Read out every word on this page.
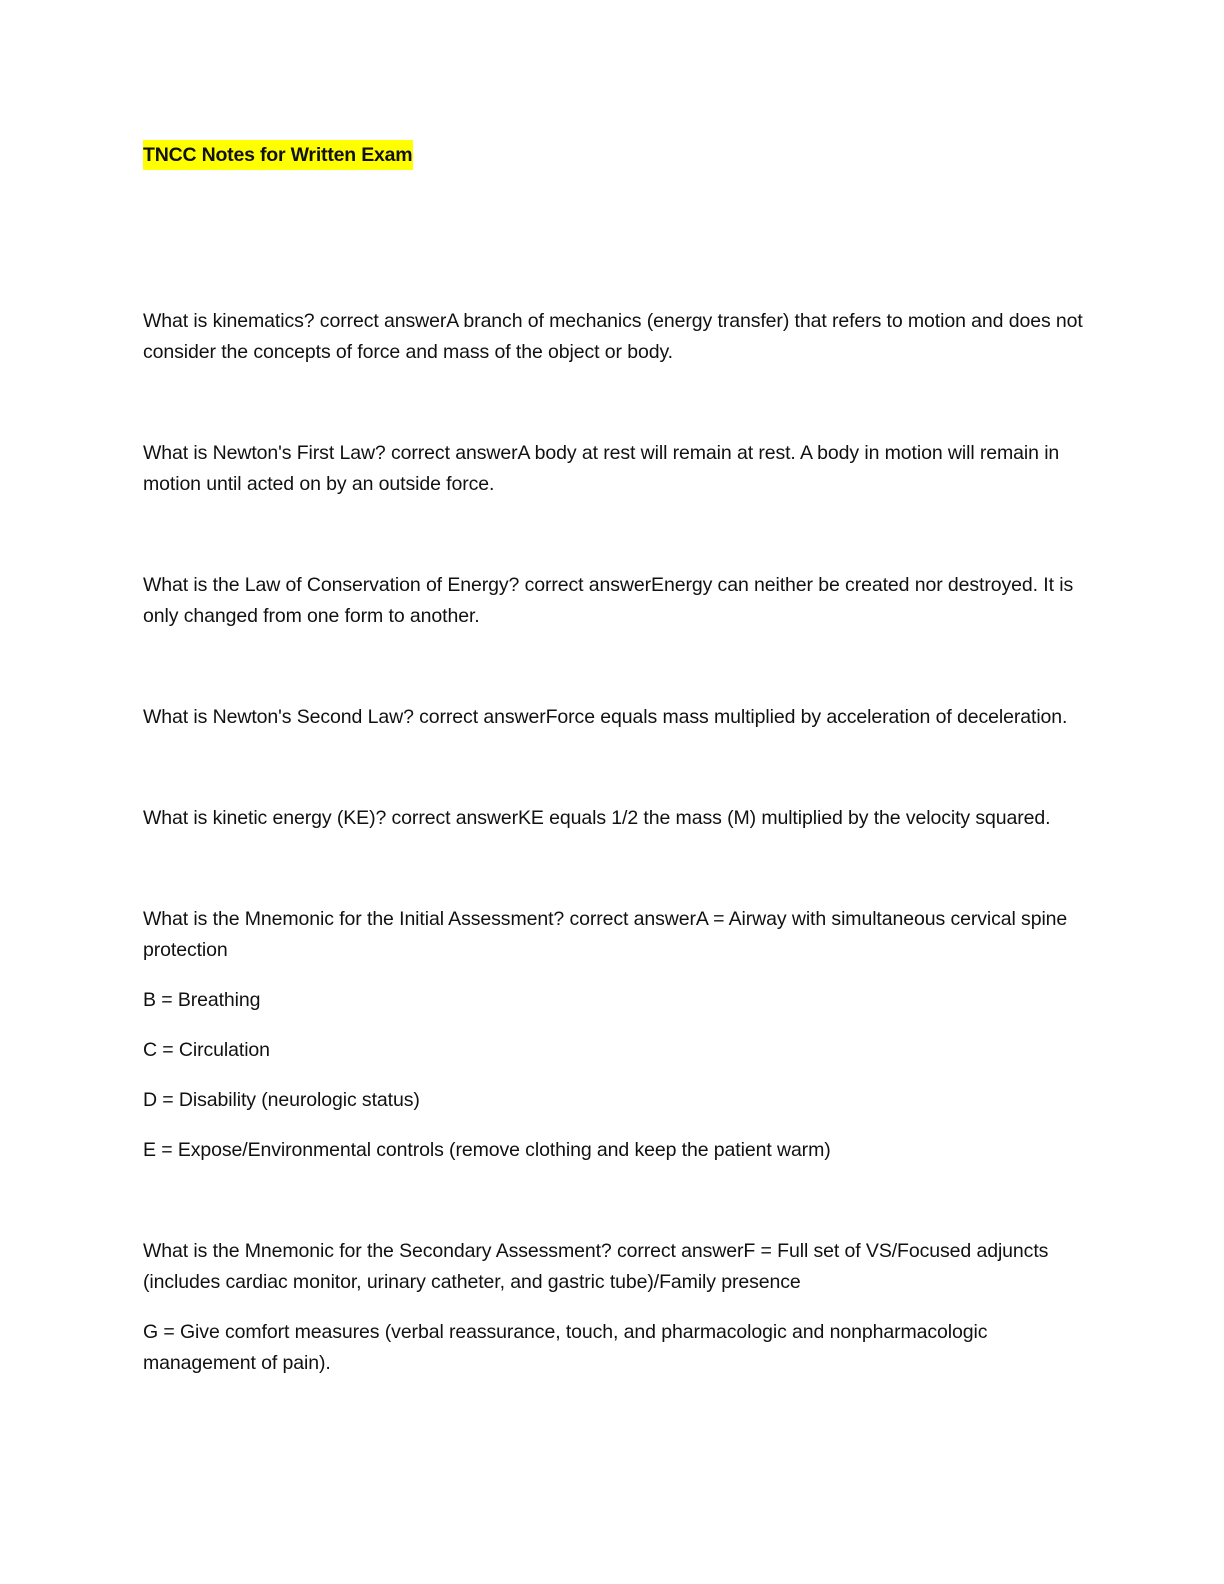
TNCC Notes for Written Exam

What is kinematics? correct answerA branch of mechanics (energy transfer) that refers to motion and does not consider the concepts of force and mass of the object or body.

What is Newton's First Law? correct answerA body at rest will remain at rest. A body in motion will remain in motion until acted on by an outside force.

What is the Law of Conservation of Energy? correct answerEnergy can neither be created nor destroyed. It is only changed from one form to another.

What is Newton's Second Law? correct answerForce equals mass multiplied by acceleration of deceleration.

What is kinetic energy (KE)? correct answerKE equals 1/2 the mass (M) multiplied by the velocity squared.

What is the Mnemonic for the Initial Assessment? correct answerA = Airway with simultaneous cervical spine protection

B = Breathing

C = Circulation

D = Disability (neurologic status)

E = Expose/Environmental controls (remove clothing and keep the patient warm)

What is the Mnemonic for the Secondary Assessment? correct answerF = Full set of VS/Focused adjuncts (includes cardiac monitor, urinary catheter, and gastric tube)/Family presence

G = Give comfort measures (verbal reassurance, touch, and pharmacologic and nonpharmacologic management of pain).
